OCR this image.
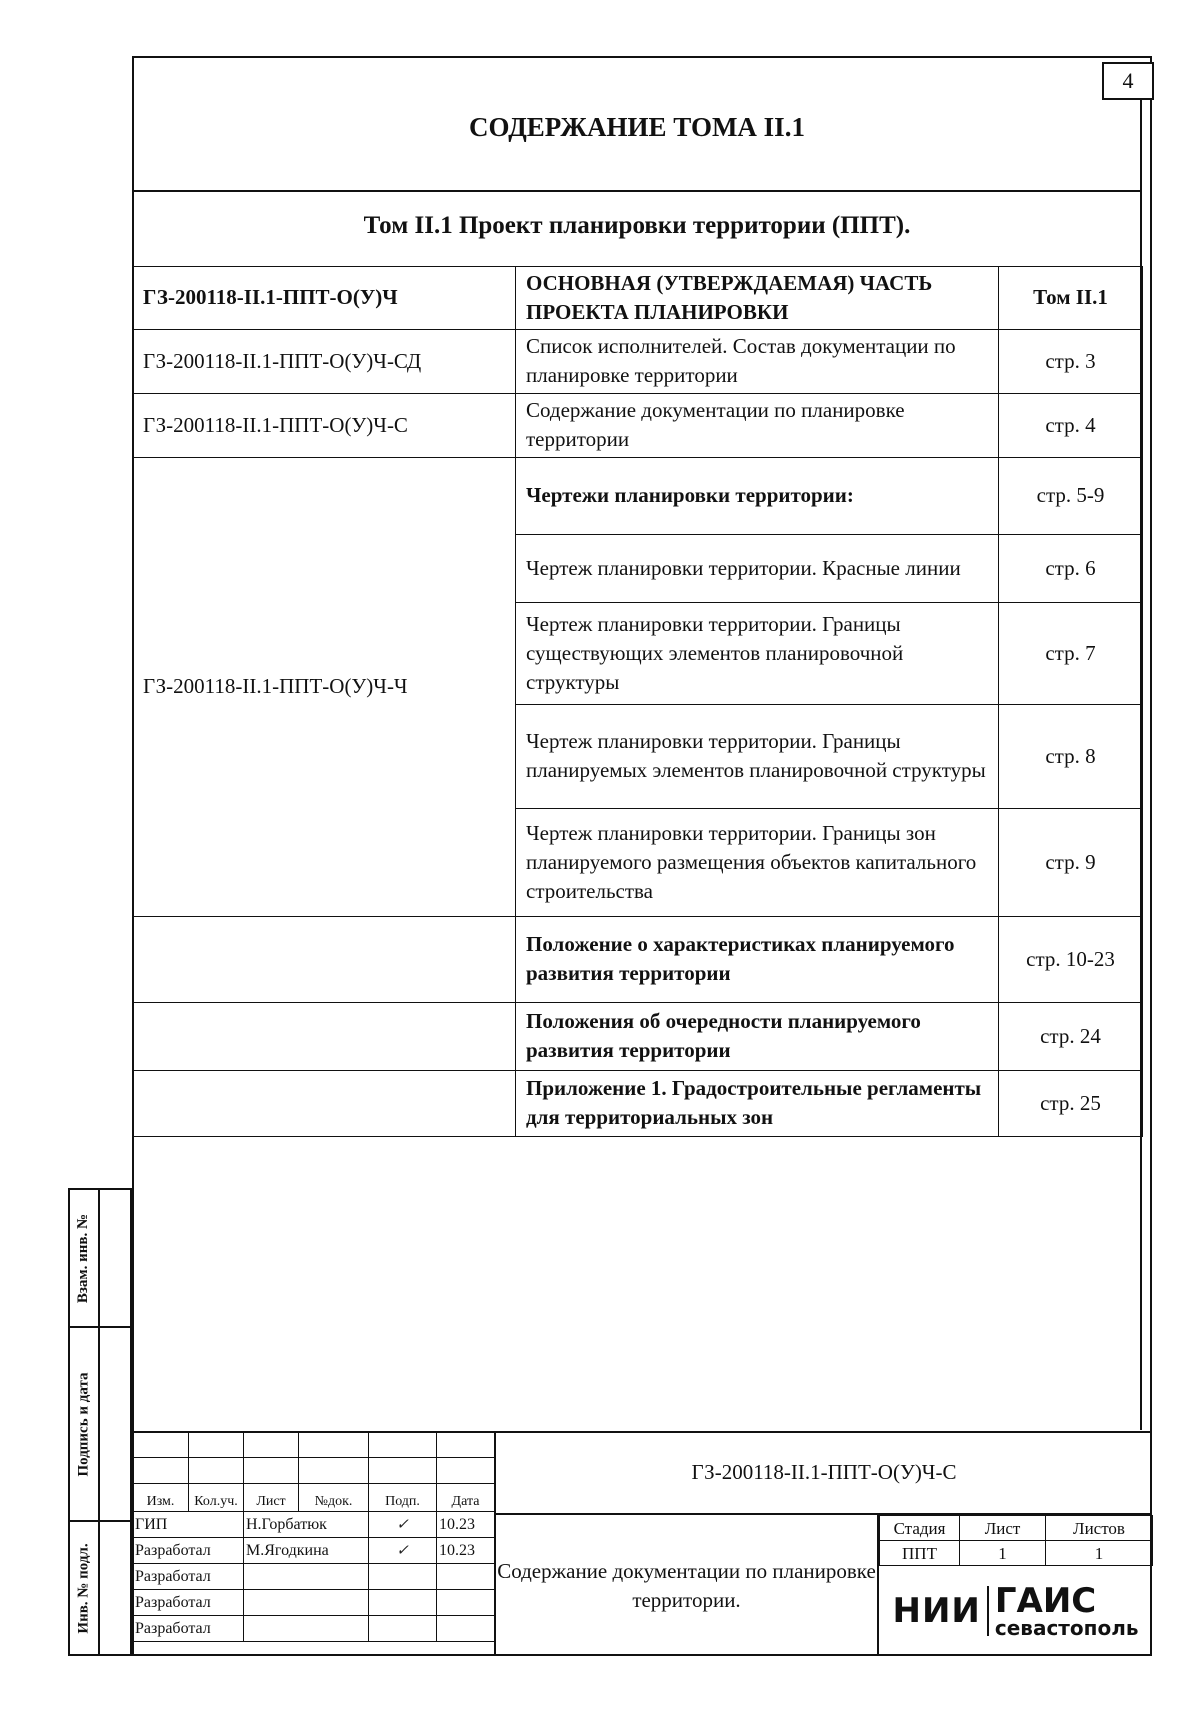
4
СОДЕРЖАНИЕ ТОМА II.1
Том II.1 Проект планировки территории (ППТ).
ГЗ-200118-II.1-ППТ-О(У)Ч	ОСНОВНАЯ (УТВЕРЖДАЕМАЯ) ЧАСТЬ ПРОЕКТА ПЛАНИРОВКИ	Том II.1
ГЗ-200118-II.1-ППТ-О(У)Ч-СД	Список исполнителей. Состав документации по планировке территории	стр. 3
ГЗ-200118-II.1-ППТ-О(У)Ч-С	Содержание документации по планировке территории	стр. 4
ГЗ-200118-II.1-ППТ-О(У)Ч-Ч	Чертежи планировки территории:	стр. 5-9
	Чертеж планировки территории. Красные линии	стр. 6
	Чертеж планировки территории. Границы существующих элементов планировочной структуры	стр. 7
	Чертеж планировки территории. Границы планируемых элементов планировочной структуры	стр. 8
	Чертеж планировки территории. Границы зон планируемого размещения объектов капитального строительства	стр. 9
	Положение о характеристиках планируемого развития территории	стр. 10-23
	Положения об очередности планируемого развития территории	стр. 24
	Приложение 1. Градостроительные регламенты для территориальных зон	стр. 25
Взам. инв. №
Подпись и дата
Инв. № подл.

Изм.	Кол.уч.	Лист	№док.	Подп.	Дата
ГИП		Н.Горбатюк		✓	10.23
Разработал		М.Ягодкина		✓	10.23
Разработал					
Разработал					
Разработал					
ГЗ-200118-II.1-ППТ-О(У)Ч-С
Содержание документации по планировке территории.
Стадия	Лист	Листов
ППТ	1	1
НИИ ГАИС
севастополь
